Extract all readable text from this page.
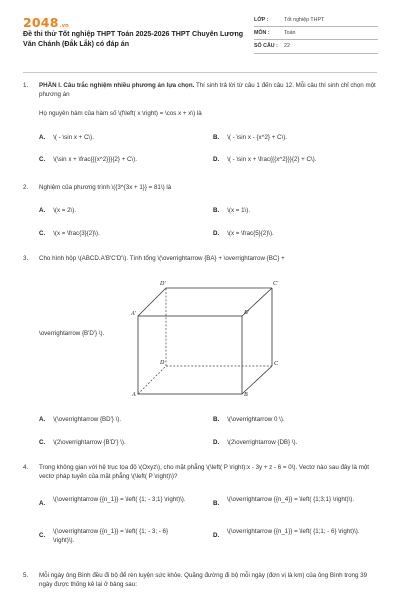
2048.vn
Đề thi thử Tốt nghiệp THPT Toán 2025-2026 THPT Chuyên Lương Văn Chánh (Đắk Lắk) có đáp án
LỚP :	Tốt nghiệp THPT
MÔN :	Toán
SỐ CÂU :	22
1.	PHẦN I. Câu trắc nghiệm nhiều phương án lựa chọn. Thí sinh trả lời từ câu 1 đến câu 12. Mỗi câu thí sinh chỉ chọn một phương án
Họ nguyên hàm của hàm số \(f\left( x \right) = \cos x + x\) là
A. \( - \sin x + C\).	B. \( - \sin x - {x^2} + C\).
C. \(\sin x + \frac{{{x^2}}}{2} + C\).	D. \( - \sin x + \frac{{{x^2}}}{2} + C\).
2.	Nghiệm của phương trình \({3^{3x + 1}} = 81\) là
A. \(x = 2\).	B. \(x = 1\).
C. \(x = \frac{3}{2}\).	D. \(x = \frac{5}{2}\).
3.	Cho hình hộp \(ABCD.A'B'C'D'\). Tính tổng \(\overrightarrow {BA} + \overrightarrow {BC} +
\overrightarrow {B'D'} \).
A	B
C
D
A'	B'
C'
D'
A. \(\overrightarrow {BD'} \).	B. \(\overrightarrow 0 \).
C. \(2\overrightarrow {B'D'} \).	D. \(2\overrightarrow {DB} \).
4.	Trong không gian với hệ trục tọa độ \(Oxyz\), cho mặt phẳng \(\left( P \right):x - 3y + z - 6 = 0\). Vectơ nào sau đây là một vectơ pháp tuyến của mặt phẳng \(\left( P \right)\)?
A.
\(\overrightarrow {{n_1}} = \left( {1; - 3;1} \right)\).
B.
\(\overrightarrow {{n_4}} = \left( {1;3;1} \right)\).
C.
\(\overrightarrow {{n_1}} = \left( {1; - 3; - 6} \right)\).
D.
\(\overrightarrow {{n_1}} = \left( {1;1; - 6} \right)\).
5.	Mỗi ngày ông Bình đều đi bộ để rèn luyện sức khỏe. Quãng đường đi bộ mỗi ngày (đơn vị là km) của ông Bình trong 39 ngày được thống kê lại ở bảng sau:
